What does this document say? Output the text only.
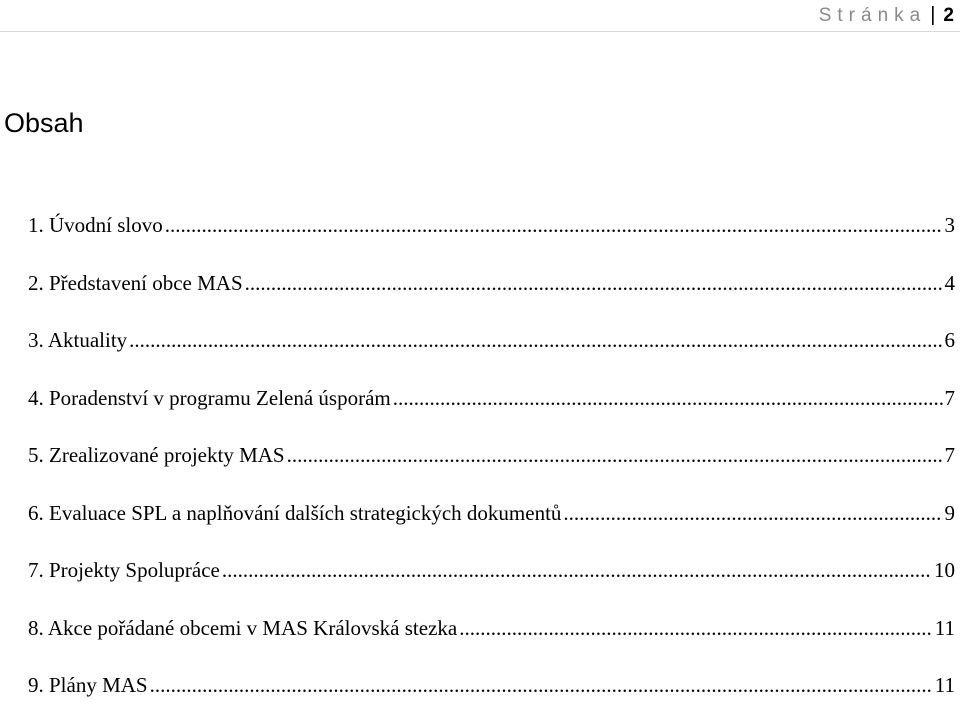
Stránka | 2
Obsah
1. Úvodní slovo .....	3
2. Představení obce MAS .....	4
3. Aktuality .....	6
4. Poradenství v programu Zelená úsporám .....	7
5. Zrealizované projekty MAS .....	7
6. Evaluace SPL a naplňování dalších strategických dokumentů .....	9
7. Projekty Spolupráce .....	10
8. Akce pořádané obcemi v MAS Královská stezka .....	11
9. Plány MAS .....	11
